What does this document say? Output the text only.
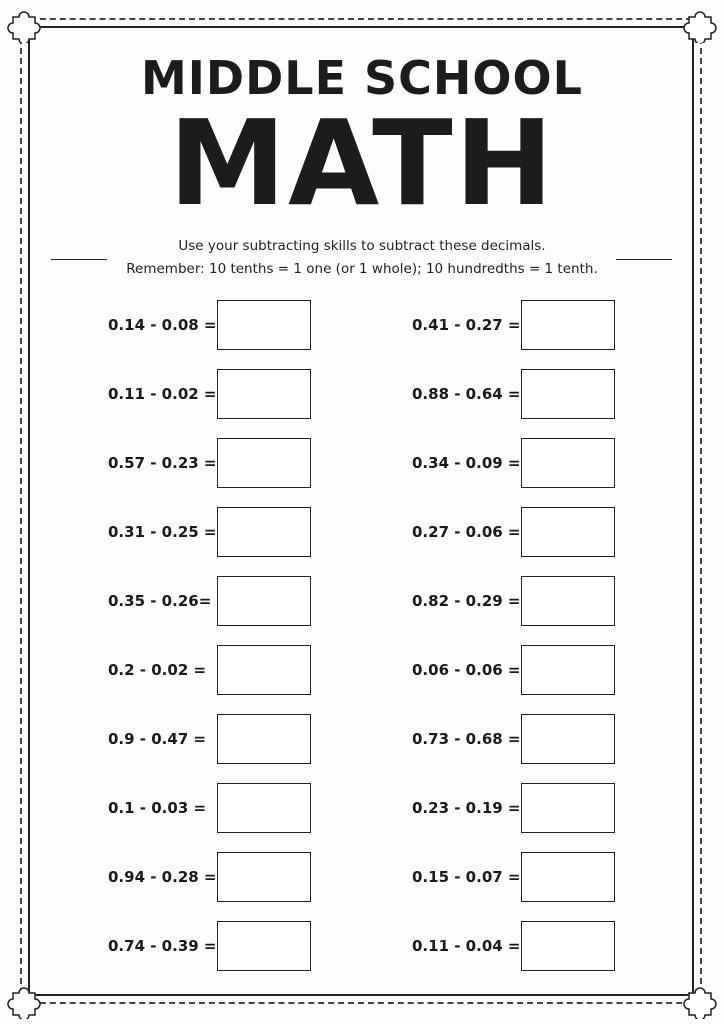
MIDDLE SCHOOL
MATH
Use your subtracting skills to subtract these decimals.
Remember: 10 tenths = 1 one (or 1 whole); 10 hundredths = 1 tenth.
0.14 - 0.08 =
0.11 - 0.02 =
0.57 - 0.23 =
0.31 - 0.25 =
0.35 - 0.26=
0.2 - 0.02 =
0.9 - 0.47 =
0.1 - 0.03 =
0.94 - 0.28 =
0.74 - 0.39 =
0.41 - 0.27 =
0.88 - 0.64 =
0.34 - 0.09 =
0.27 - 0.06 =
0.82 - 0.29 =
0.06 - 0.06 =
0.73 - 0.68 =
0.23 - 0.19 =
0.15 - 0.07 =
0.11 - 0.04 =
